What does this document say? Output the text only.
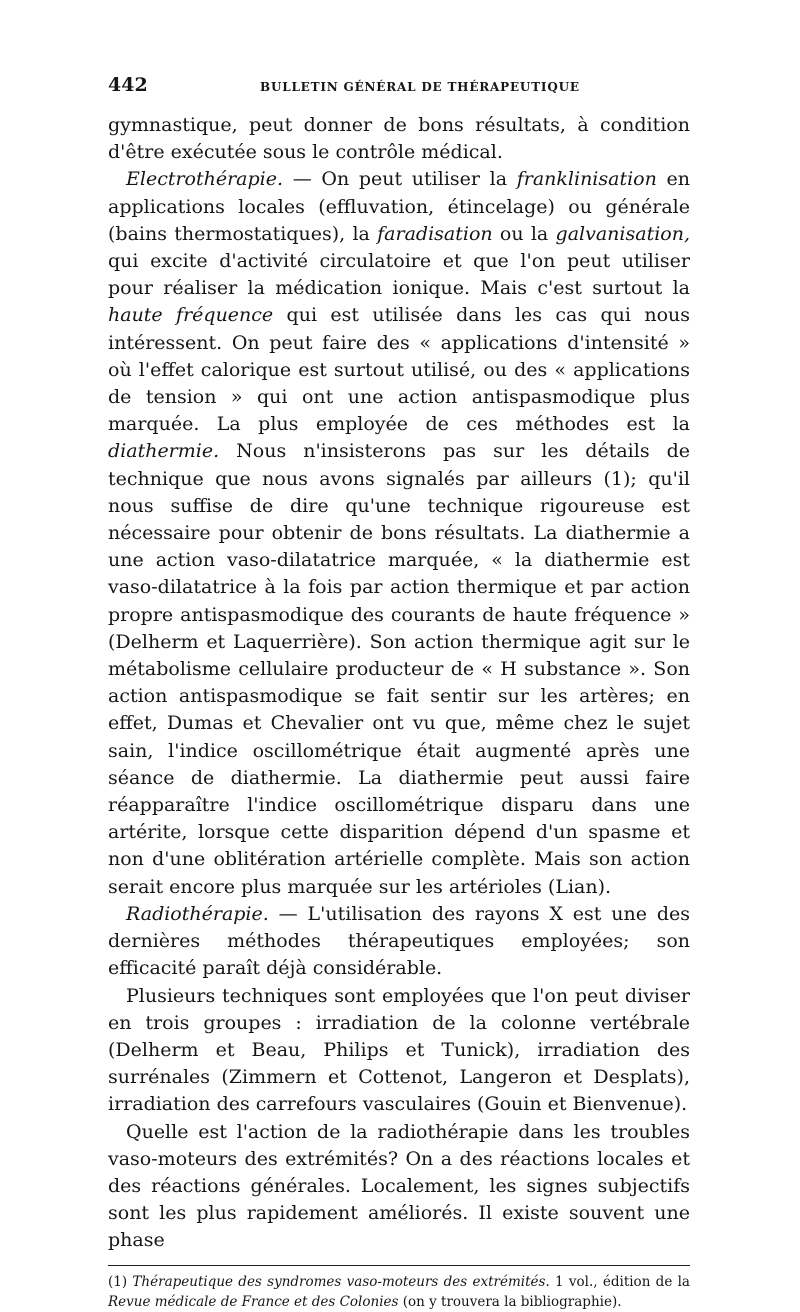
442	BULLETIN GÉNÉRAL DE THÉRAPEUTIQUE

gymnastique, peut donner de bons résultats, à condition d'être exécutée sous le contrôle médical.

Electrothérapie. — On peut utiliser la franklinisation en applications locales (effluvation, étincelage) ou générale (bains thermostatiques), la faradisation ou la galvanisation, qui excite d'activité circulatoire et que l'on peut utiliser pour réaliser la médication ionique. Mais c'est surtout la haute fréquence qui est utilisée dans les cas qui nous intéressent. On peut faire des « applications d'intensité » où l'effet calorique est surtout utilisé, ou des « applications de tension » qui ont une action antispasmodique plus marquée. La plus employée de ces méthodes est la diathermie. Nous n'insisterons pas sur les détails de technique que nous avons signalés par ailleurs (1); qu'il nous suffise de dire qu'une technique rigoureuse est nécessaire pour obtenir de bons résultats. La diathermie a une action vaso-dilatatrice marquée, « la diathermie est vaso-dilatatrice à la fois par action thermique et par action propre antispasmodique des courants de haute fréquence » (Delherm et Laquerrière). Son action thermique agit sur le métabolisme cellulaire producteur de « H substance ». Son action antispasmodique se fait sentir sur les artères; en effet, Dumas et Chevalier ont vu que, même chez le sujet sain, l'indice oscillométrique était augmenté après une séance de diathermie. La diathermie peut aussi faire réapparaître l'indice oscillométrique disparu dans une artérite, lorsque cette disparition dépend d'un spasme et non d'une oblitération artérielle complète. Mais son action serait encore plus marquée sur les artérioles (Lian).

Radiothérapie. — L'utilisation des rayons X est une des dernières méthodes thérapeutiques employées; son efficacité paraît déjà considérable.

Plusieurs techniques sont employées que l'on peut diviser en trois groupes : irradiation de la colonne vertébrale (Delherm et Beau, Philips et Tunick), irradiation des surrénales (Zimmern et Cottenot, Langeron et Desplats), irradiation des carrefours vasculaires (Gouin et Bienvenue).

Quelle est l'action de la radiothérapie dans les troubles vaso-moteurs des extrémités? On a des réactions locales et des réactions générales. Localement, les signes subjectifs sont les plus rapidement améliorés. Il existe souvent une phase

(1) Thérapeutique des syndromes vaso-moteurs des extrémités. 1 vol., édition de la Revue médicale de France et des Colonies (on y trouvera la bibliographie).
